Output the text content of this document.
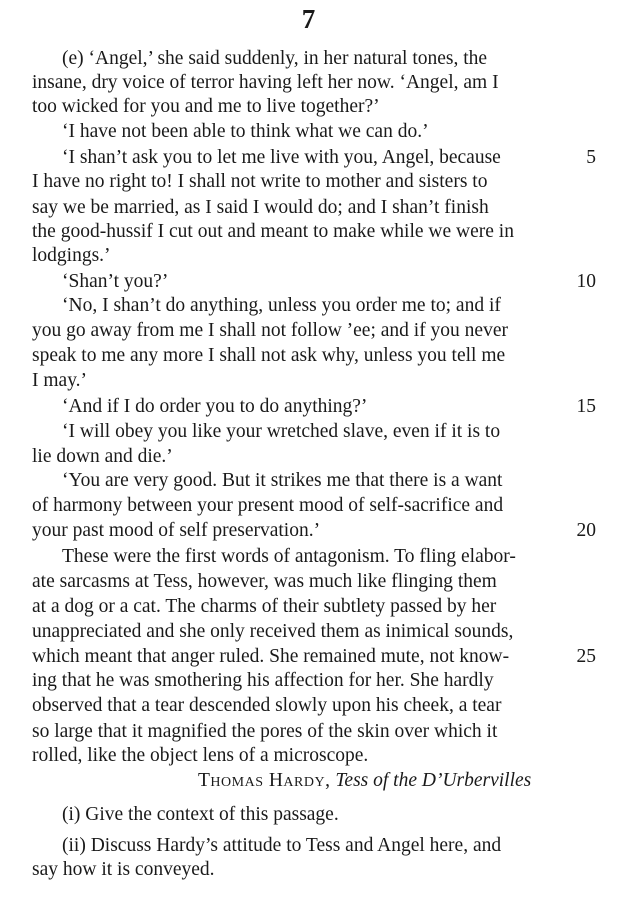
7
(e) ‘Angel,’ she said suddenly, in her natural tones, the
insane, dry voice of terror having left her now. ‘Angel, am I
too wicked for you and me to live together?’
‘I have not been able to think what we can do.’
‘I shan’t ask you to let me live with you, Angel, because
I have no right to! I shall not write to mother and sisters to
say we be married, as I said I would do; and I shan’t finish
the good-hussif I cut out and meant to make while we were in
lodgings.’
‘Shan’t you?’
‘No, I shan’t do anything, unless you order me to; and if
you go away from me I shall not follow ’ee; and if you never
speak to me any more I shall not ask why, unless you tell me
I may.’
‘And if I do order you to do anything?’
‘I will obey you like your wretched slave, even if it is to
lie down and die.’
‘You are very good. But it strikes me that there is a want
of harmony between your present mood of self-sacrifice and
your past mood of self preservation.’
These were the first words of antagonism. To fling elabor-
ate sarcasms at Tess, however, was much like flinging them
at a dog or a cat. The charms of their subtlety passed by her
unappreciated and she only received them as inimical sounds,
which meant that anger ruled. She remained mute, not know-
ing that he was smothering his affection for her. She hardly
observed that a tear descended slowly upon his cheek, a tear
so large that it magnified the pores of the skin over which it
rolled, like the object lens of a microscope.
5
10
15
20
25
Thomas Hardy, Tess of the D’Urbervilles
(i) Give the context of this passage.
(ii) Discuss Hardy’s attitude to Tess and Angel here, and
say how it is conveyed.
